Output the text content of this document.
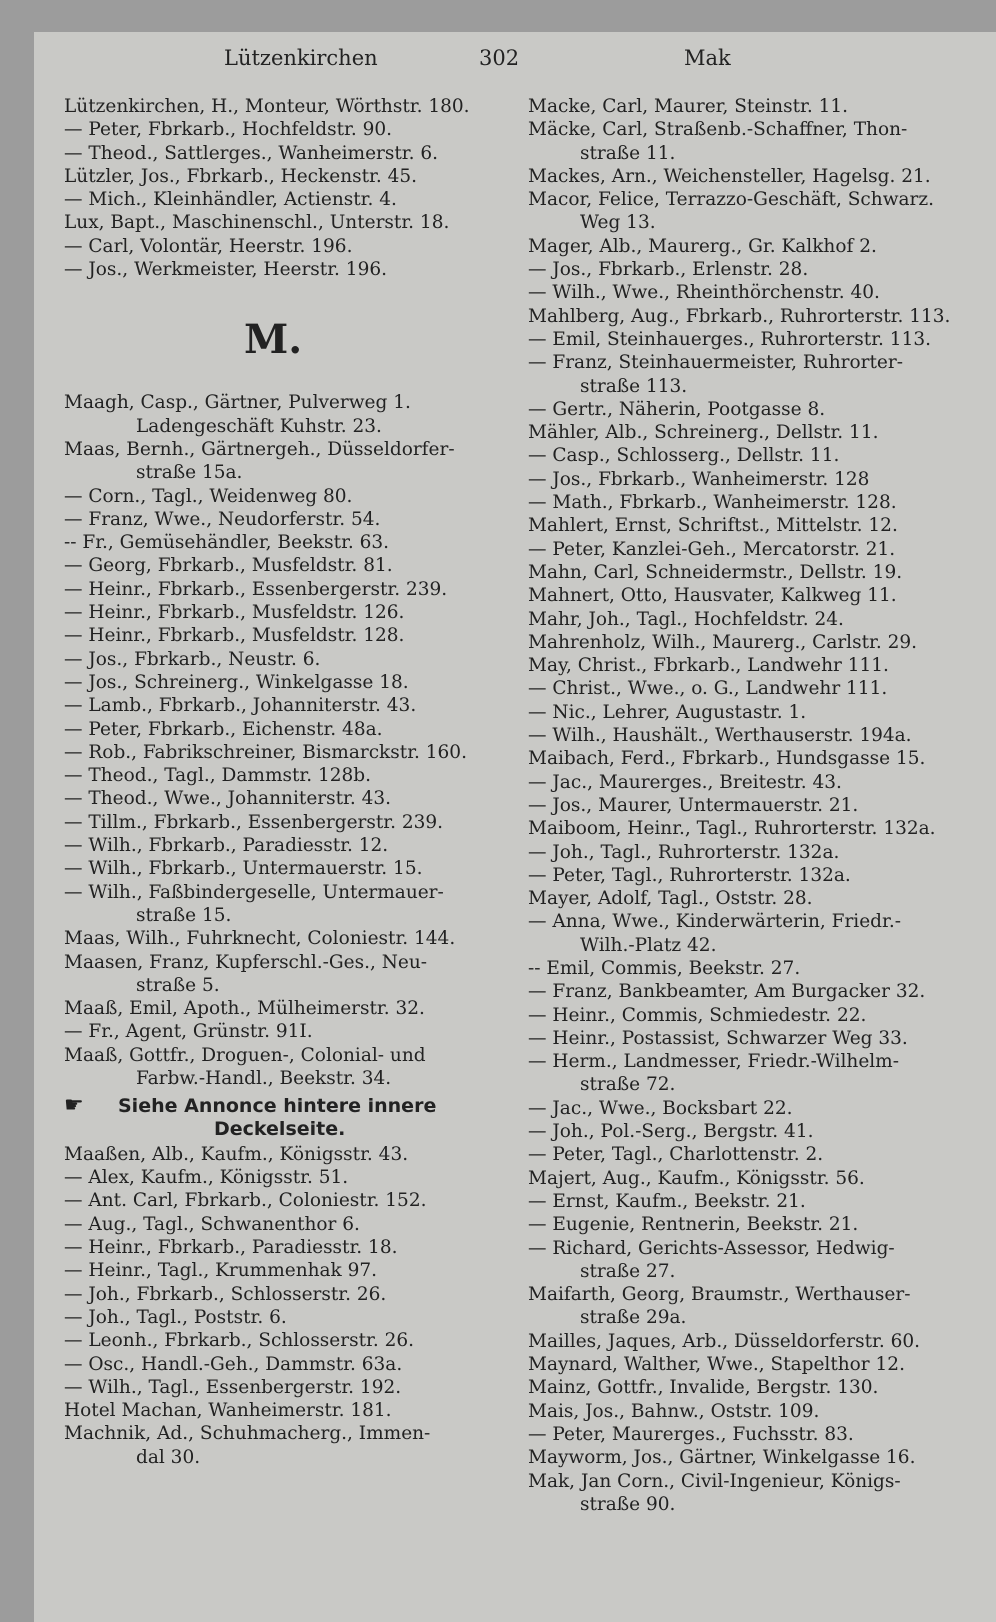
Lützenkirchen	302	Mak
Lützenkirchen, H., Monteur, Wörthstr. 180.
— Peter, Fbrkarb., Hochfeldstr. 90.
— Theod., Sattlerges., Wanheimerstr. 6.
Lützler, Jos., Fbrkarb., Heckenstr. 45.
— Mich., Kleinhändler, Actienstr. 4.
Lux, Bapt., Maschinenschl., Unterstr. 18.
— Carl, Volontär, Heerstr. 196.
— Jos., Werkmeister, Heerstr. 196.
M.
Maagh, Casp., Gärtner, Pulverweg 1.
Ladengeschäft Kuhstr. 23.
Maas, Bernh., Gärtnergeh., Düsseldorfer-
straße 15a.
— Corn., Tagl., Weidenweg 80.
— Franz, Wwe., Neudorferstr. 54.
-- Fr., Gemüsehändler, Beekstr. 63.
— Georg, Fbrkarb., Musfeldstr. 81.
— Heinr., Fbrkarb., Essenbergerstr. 239.
— Heinr., Fbrkarb., Musfeldstr. 126.
— Heinr., Fbrkarb., Musfeldstr. 128.
— Jos., Fbrkarb., Neustr. 6.
— Jos., Schreinerg., Winkelgasse 18.
— Lamb., Fbrkarb., Johanniterstr. 43.
— Peter, Fbrkarb., Eichenstr. 48a.
— Rob., Fabrikschreiner, Bismarckstr. 160.
— Theod., Tagl., Dammstr. 128b.
— Theod., Wwe., Johanniterstr. 43.
— Tillm., Fbrkarb., Essenbergerstr. 239.
— Wilh., Fbrkarb., Paradiesstr. 12.
— Wilh., Fbrkarb., Untermauerstr. 15.
— Wilh., Faßbindergeselle, Untermauer-
straße 15.
Maas, Wilh., Fuhrknecht, Coloniestr. 144.
Maasen, Franz, Kupferschl.-Ges., Neu-
straße 5.
Maaß, Emil, Apoth., Mülheimerstr. 32.
— Fr., Agent, Grünstr. 91I.
Maaß, Gottfr., Droguen-, Colonial- und
Farbw.-Handl., Beekstr. 34.
☛ Siehe Annonce hintere innere
Deckelseite.
Maaßen, Alb., Kaufm., Königsstr. 43.
— Alex, Kaufm., Königsstr. 51.
— Ant. Carl, Fbrkarb., Coloniestr. 152.
— Aug., Tagl., Schwanenthor 6.
— Heinr., Fbrkarb., Paradiesstr. 18.
— Heinr., Tagl., Krummenhak 97.
— Joh., Fbrkarb., Schlosserstr. 26.
— Joh., Tagl., Poststr. 6.
— Leonh., Fbrkarb., Schlosserstr. 26.
— Osc., Handl.-Geh., Dammstr. 63a.
— Wilh., Tagl., Essenbergerstr. 192.
Hotel Machan, Wanheimerstr. 181.
Machnik, Ad., Schuhmacherg., Immen-
dal 30.
Macke, Carl, Maurer, Steinstr. 11.
Mäcke, Carl, Straßenb.-Schaffner, Thon-
straße 11.
Mackes, Arn., Weichensteller, Hagelsg. 21.
Macor, Felice, Terrazzo-Geschäft, Schwarz.
Weg 13.
Mager, Alb., Maurerg., Gr. Kalkhof 2.
— Jos., Fbrkarb., Erlenstr. 28.
— Wilh., Wwe., Rheinthörchenstr. 40.
Mahlberg, Aug., Fbrkarb., Ruhrorterstr. 113.
— Emil, Steinhauerges., Ruhrorterstr. 113.
— Franz, Steinhauermeister, Ruhrorter-
straße 113.
— Gertr., Näherin, Pootgasse 8.
Mähler, Alb., Schreinerg., Dellstr. 11.
— Casp., Schlosserg., Dellstr. 11.
— Jos., Fbrkarb., Wanheimerstr. 128
— Math., Fbrkarb., Wanheimerstr. 128.
Mahlert, Ernst, Schriftst., Mittelstr. 12.
— Peter, Kanzlei-Geh., Mercatorstr. 21.
Mahn, Carl, Schneidermstr., Dellstr. 19.
Mahnert, Otto, Hausvater, Kalkweg 11.
Mahr, Joh., Tagl., Hochfeldstr. 24.
Mahrenholz, Wilh., Maurerg., Carlstr. 29.
May, Christ., Fbrkarb., Landwehr 111.
— Christ., Wwe., o. G., Landwehr 111.
— Nic., Lehrer, Augustastr. 1.
— Wilh., Haushält., Werthauserstr. 194a.
Maibach, Ferd., Fbrkarb., Hundsgasse 15.
— Jac., Maurerges., Breitestr. 43.
— Jos., Maurer, Untermauerstr. 21.
Maiboom, Heinr., Tagl., Ruhrorterstr. 132a.
— Joh., Tagl., Ruhrorterstr. 132a.
— Peter, Tagl., Ruhrorterstr. 132a.
Mayer, Adolf, Tagl., Oststr. 28.
— Anna, Wwe., Kinderwärterin, Friedr.-
Wilh.-Platz 42.
-- Emil, Commis, Beekstr. 27.
— Franz, Bankbeamter, Am Burgacker 32.
— Heinr., Commis, Schmiedestr. 22.
— Heinr., Postassist, Schwarzer Weg 33.
— Herm., Landmesser, Friedr.-Wilhelm-
straße 72.
— Jac., Wwe., Bocksbart 22.
— Joh., Pol.-Serg., Bergstr. 41.
— Peter, Tagl., Charlottenstr. 2.
Majert, Aug., Kaufm., Königsstr. 56.
— Ernst, Kaufm., Beekstr. 21.
— Eugenie, Rentnerin, Beekstr. 21.
— Richard, Gerichts-Assessor, Hedwig-
straße 27.
Maifarth, Georg, Braumstr., Werthauser-
straße 29a.
Mailles, Jaques, Arb., Düsseldorferstr. 60.
Maynard, Walther, Wwe., Stapelthor 12.
Mainz, Gottfr., Invalide, Bergstr. 130.
Mais, Jos., Bahnw., Oststr. 109.
— Peter, Maurerges., Fuchsstr. 83.
Mayworm, Jos., Gärtner, Winkelgasse 16.
Mak, Jan Corn., Civil-Ingenieur, Königs-
straße 90.
